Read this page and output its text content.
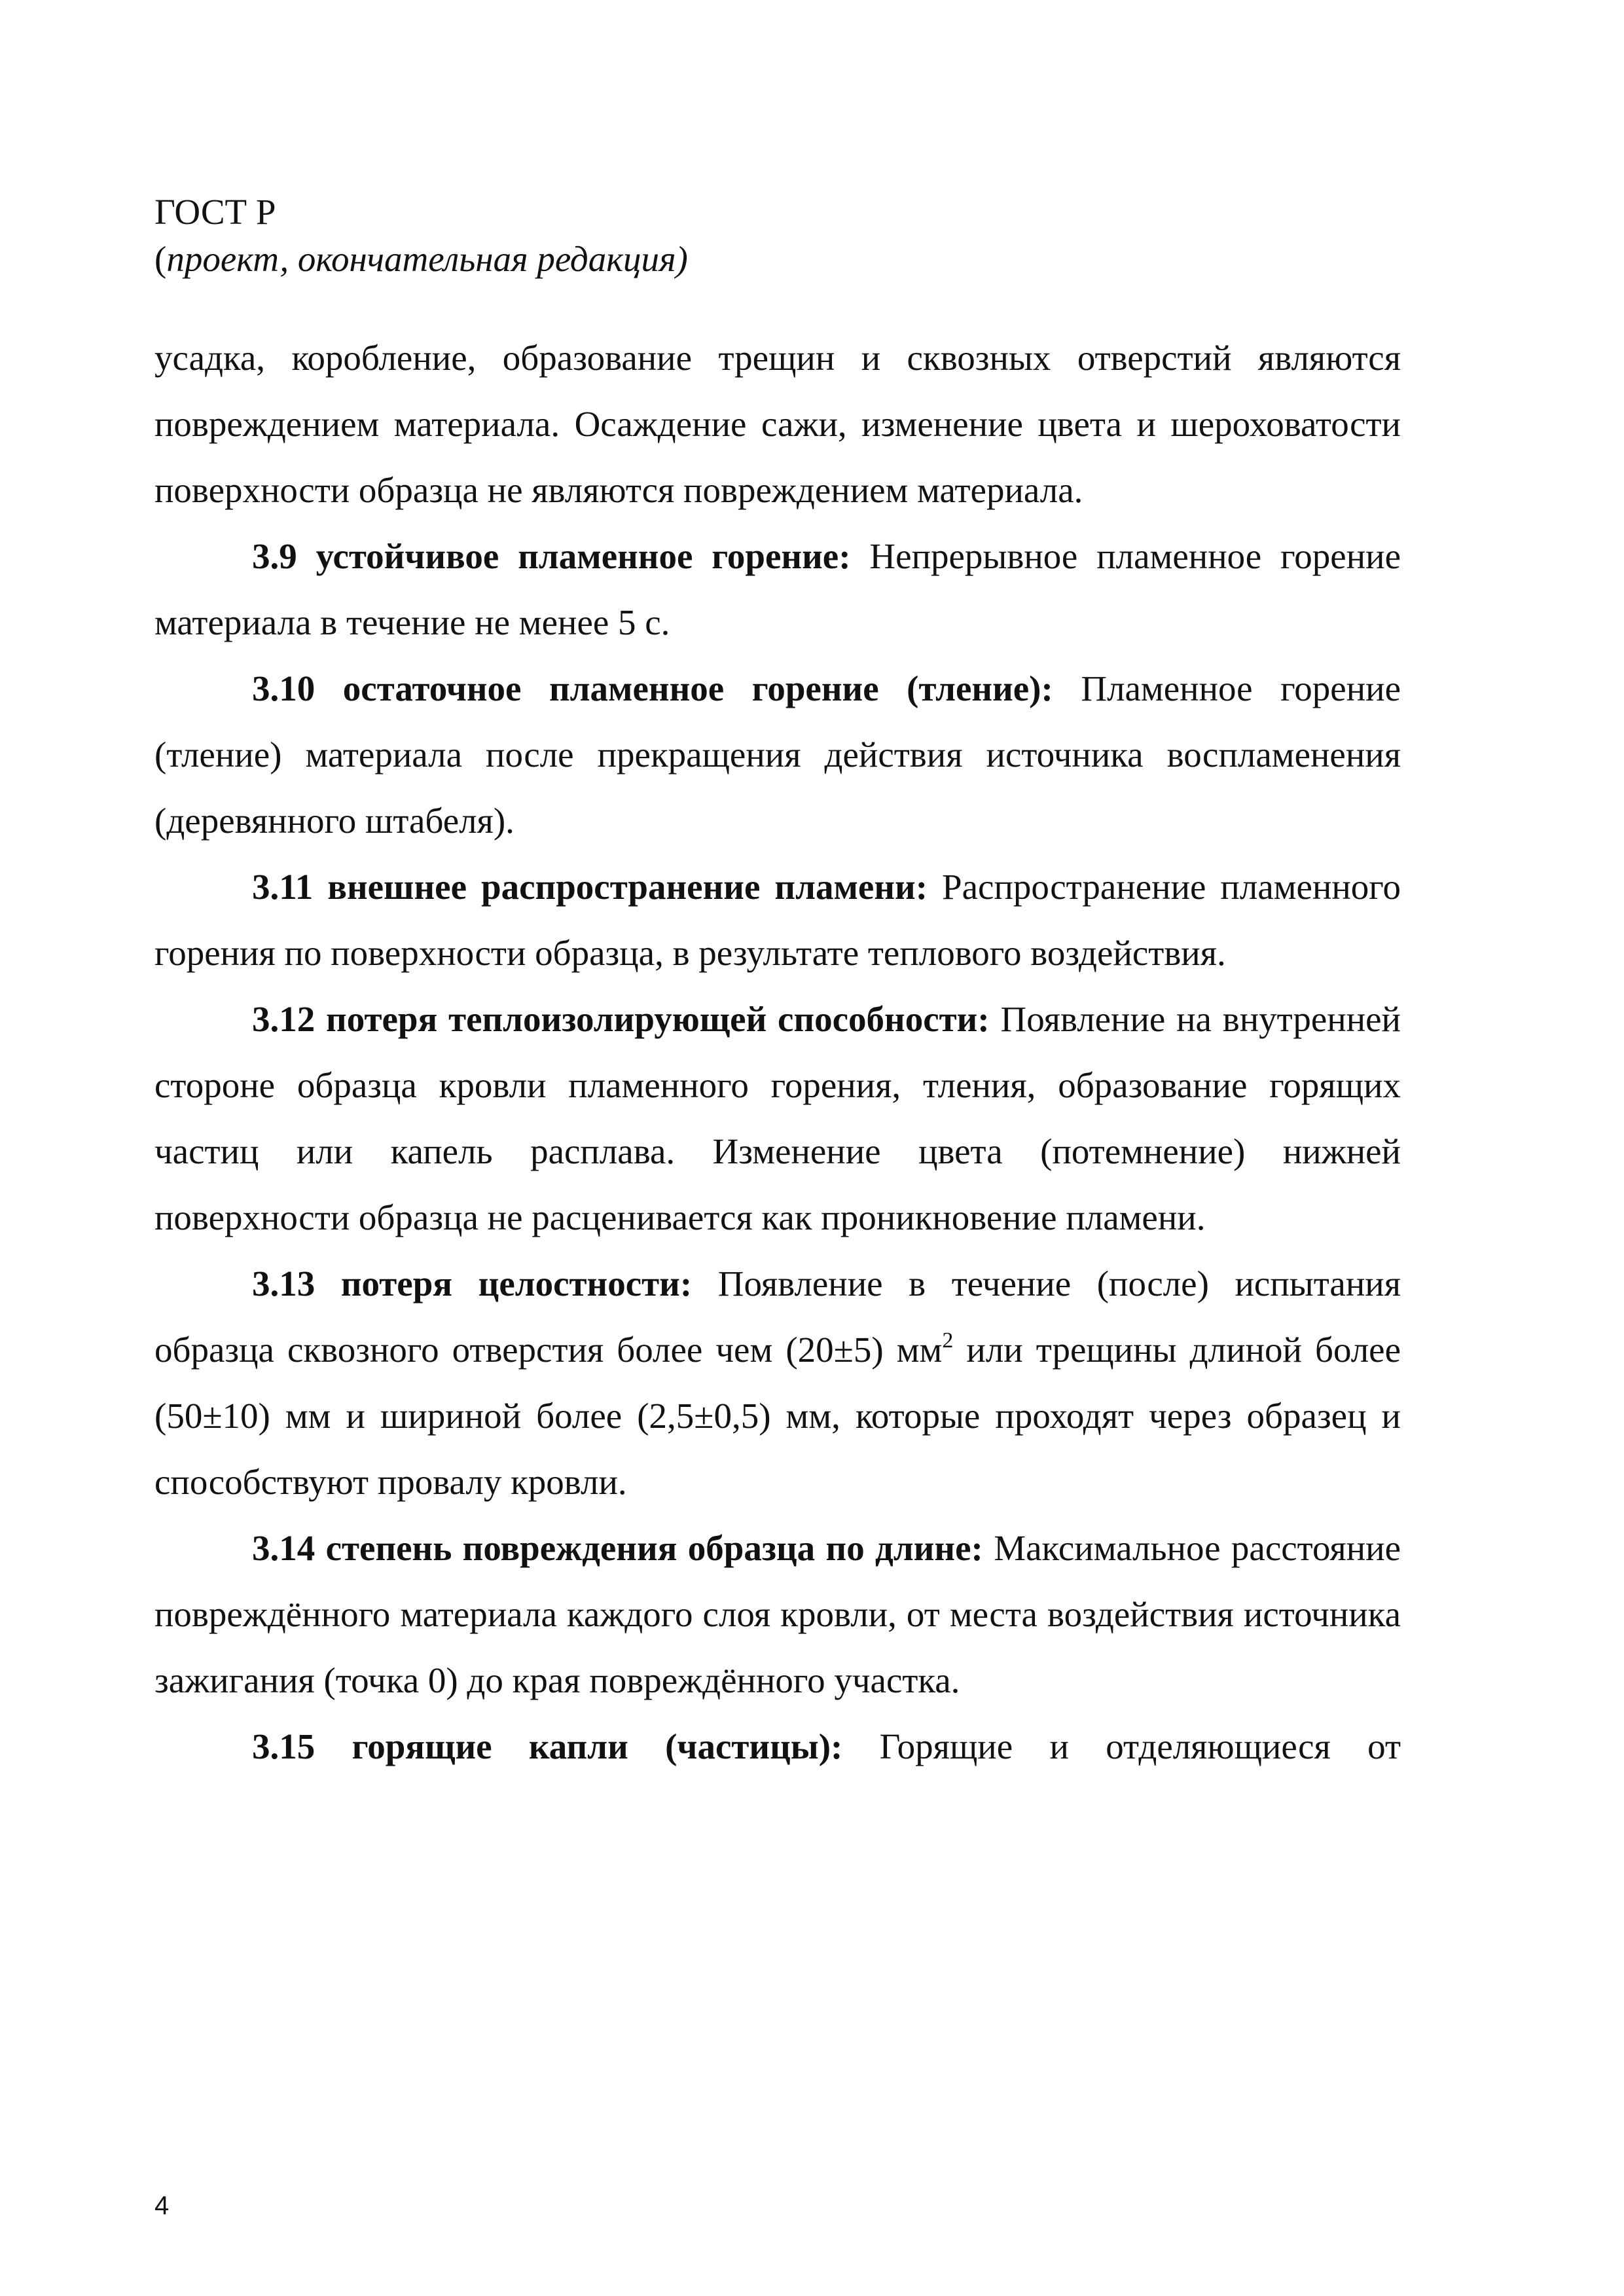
ГОСТ Р
(проект, окончательная редакция)

усадка, коробление, образование трещин и сквозных отверстий являются повреждением материала. Осаждение сажи, изменение цвета и шероховатости поверхности образца не являются повреждением материала.

3.9 устойчивое пламенное горение: Непрерывное пламенное горение материала в течение не менее 5 с.

3.10 остаточное пламенное горение (тление): Пламенное горение (тление) материала после прекращения действия источника воспламенения (деревянного штабеля).

3.11 внешнее распространение пламени: Распространение пламенного горения по поверхности образца, в результате теплового воздействия.

3.12 потеря теплоизолирующей способности: Появление на внутренней стороне образца кровли пламенного горения, тления, образование горящих частиц или капель расплава. Изменение цвета (потемнение) нижней поверхности образца не расценивается как проникновение пламени.

3.13 потеря целостности: Появление в течение (после) испытания образца сквозного отверстия более чем (20±5) $мм^2$ или трещины длиной более (50±10) мм и шириной более (2,5±0,5) мм, которые проходят через образец и способствуют провалу кровли.

3.14 степень повреждения образца по длине: Максимальное расстояние повреждённого материала каждого слоя кровли, от места воздействия источника зажигания (точка 0) до края повреждённого участка.

3.15 горящие капли (частицы): Горящие и отделяющиеся от

4
